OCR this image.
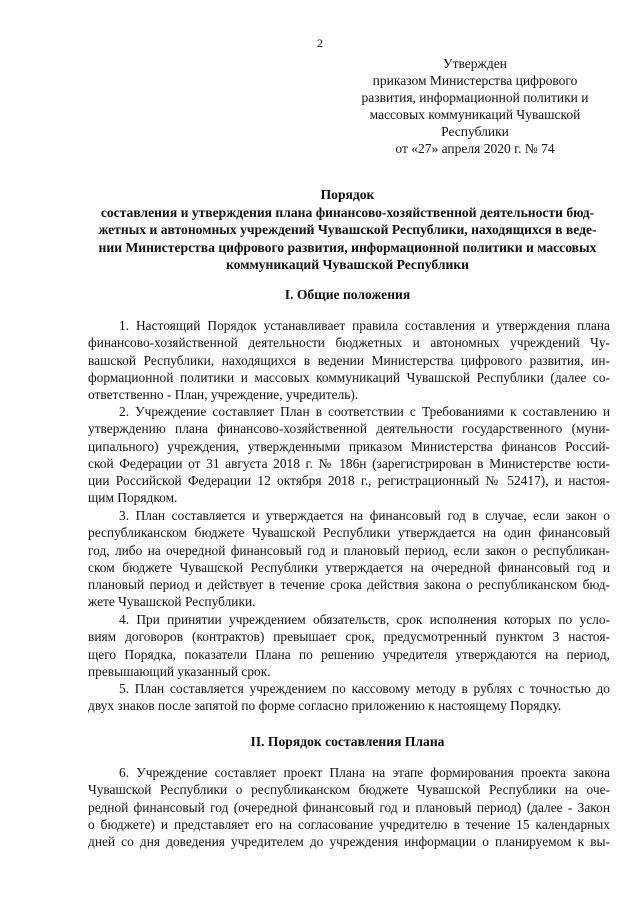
2
Утвержден
приказом Министерства цифрового
развития, информационной политики и
массовых коммуникаций Чувашской
Республики
от «27» апреля 2020 г. № 74
Порядок
составления и утверждения плана финансово-хозяйственной деятельности бюд-
жетных и автономных учреждений Чувашской Республики, находящихся в веде-
нии Министерства цифрового развития, информационной политики и массовых
коммуникаций Чувашской Республики
I. Общие положения
1. Настоящий Порядок устанавливает правила составления и утверждения плана
финансово-хозяйственной деятельности бюджетных и автономных учреждений Чу-
вашской Республики, находящихся в ведении Министерства цифрового развития, ин-
формационной политики и массовых коммуникаций Чувашской Республики (далее со-
ответственно - План, учреждение, учредитель).
2. Учреждение составляет План в соответствии с Требованиями к составлению и
утверждению плана финансово-хозяйственной деятельности государственного (муни-
ципального) учреждения, утвержденными приказом Министерства финансов Россий-
ской Федерации от 31 августа 2018 г. № 186н (зарегистрирован в Министерстве юсти-
ции Российской Федерации 12 октября 2018 г., регистрационный № 52417), и настоя-
щим Порядком.
3. План составляется и утверждается на финансовый год в случае, если закон о
республиканском бюджете Чувашской Республики утверждается на один финансовый
год, либо на очередной финансовый год и плановый период, если закон о республикан-
ском бюджете Чувашской Республики утверждается на очередной финансовый год и
плановый период и действует в течение срока действия закона о республиканском бюд-
жете Чувашской Республики.
4. При принятии учреждением обязательств, срок исполнения которых по усло-
виям договоров (контрактов) превышает срок, предусмотренный пунктом 3 настоя-
щего Порядка, показатели Плана по решению учредителя утверждаются на период,
превышающий указанный срок.
5. План составляется учреждением по кассовому методу в рублях с точностью до
двух знаков после запятой по форме согласно приложению к настоящему Порядку.
II. Порядок составления Плана
6. Учреждение составляет проект Плана на этапе формирования проекта закона
Чувашской Республики о республиканском бюджете Чувашской Республики на оче-
редной финансовый год (очередной финансовый год и плановый период) (далее - Закон
о бюджете) и представляет его на согласование учредителю в течение 15 календарных
дней со дня доведения учредителем до учреждения информации о планируемом к вы-
